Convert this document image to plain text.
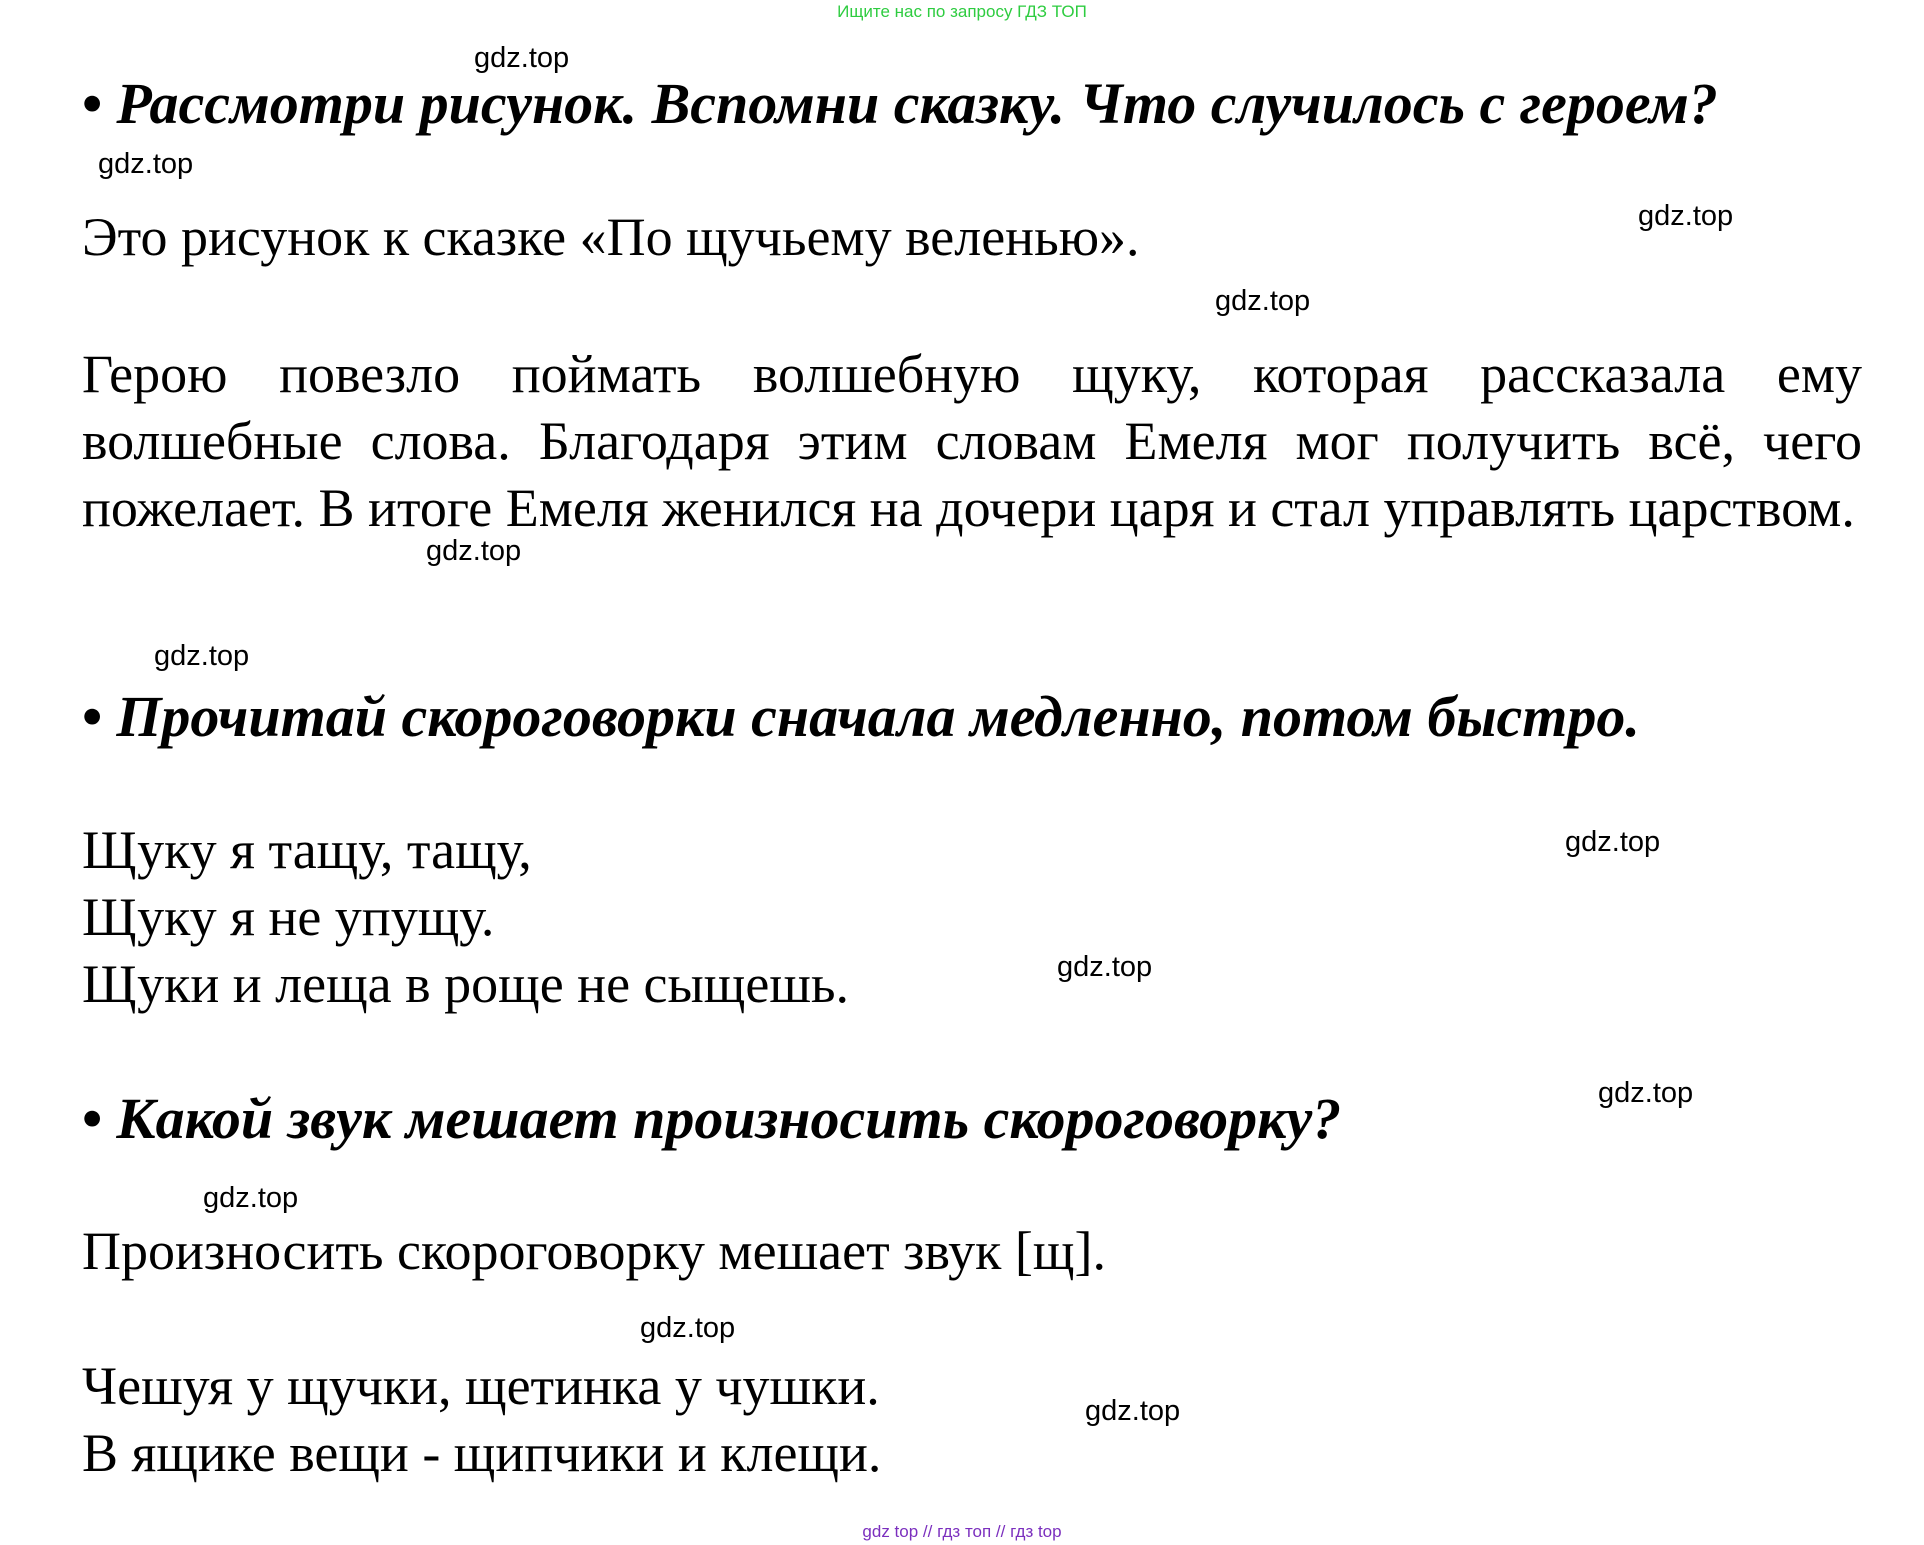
Ищите нас по запросу ГДЗ ТОП
gdz.top
gdz.top
gdz.top
gdz.top
gdz.top
gdz.top
gdz.top
gdz.top
gdz.top
gdz.top
gdz.top
gdz.top
• Рассмотри рисунок. Вспомни сказку. Что случилось с героем?
Это рисунок к сказке «По щучьему веленью».
Герою повезло поймать волшебную щуку, которая рассказала ему волшебные слова. Благодаря этим словам Емеля мог получить всё, чего пожелает. В итоге Емеля женился на дочери царя и стал управлять царством.
• Прочитай скороговорки сначала медленно, потом быстро.
Щуку я тащу, тащу,
Щуку я не упущу.
Щуки и леща в роще не сыщешь.
• Какой звук мешает произносить скороговорку?
Произносить скороговорку мешает звук [щ].
Чешуя у щучки, щетинка у чушки.
В ящике вещи - щипчики и клещи.
gdz top // гдз топ // гдз top
